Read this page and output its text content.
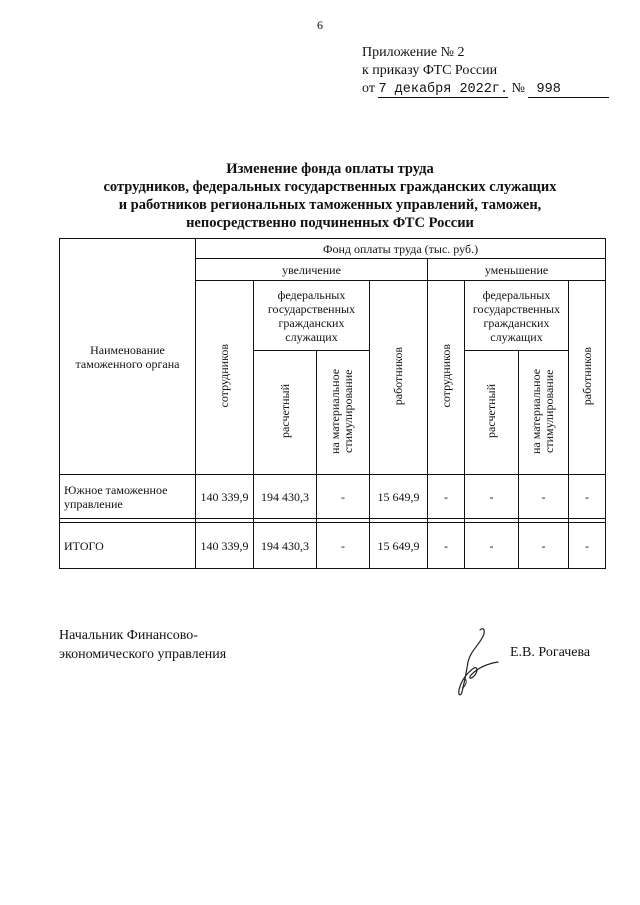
6
Приложение № 2
к приказу ФТС России
от 7 декабря 2022г. № 998
Изменение фонда оплаты труда
сотрудников, федеральных государственных гражданских служащих
и работников региональных таможенных управлений, таможен,
непосредственно подчиненных ФТС России
Наименование таможенного органа	Фонд оплаты труда (тыс. руб.)							
	увеличение				уменьшение			
	сотрудников	федеральных государственных гражданских служащих		работников	сотрудников	федеральных государственных гражданских служащих		работников
		расчетный	на материальное стимулирование			расчетный	на материальное стимулирование	
Южное таможенное управление	140 339,9	194 430,3	-	15 649,9	-	-	-	-

ИТОГО	140 339,9	194 430,3	-	15 649,9	-	-	-	-
Начальник Финансово-
экономического управления	Е.В. Рогачева
